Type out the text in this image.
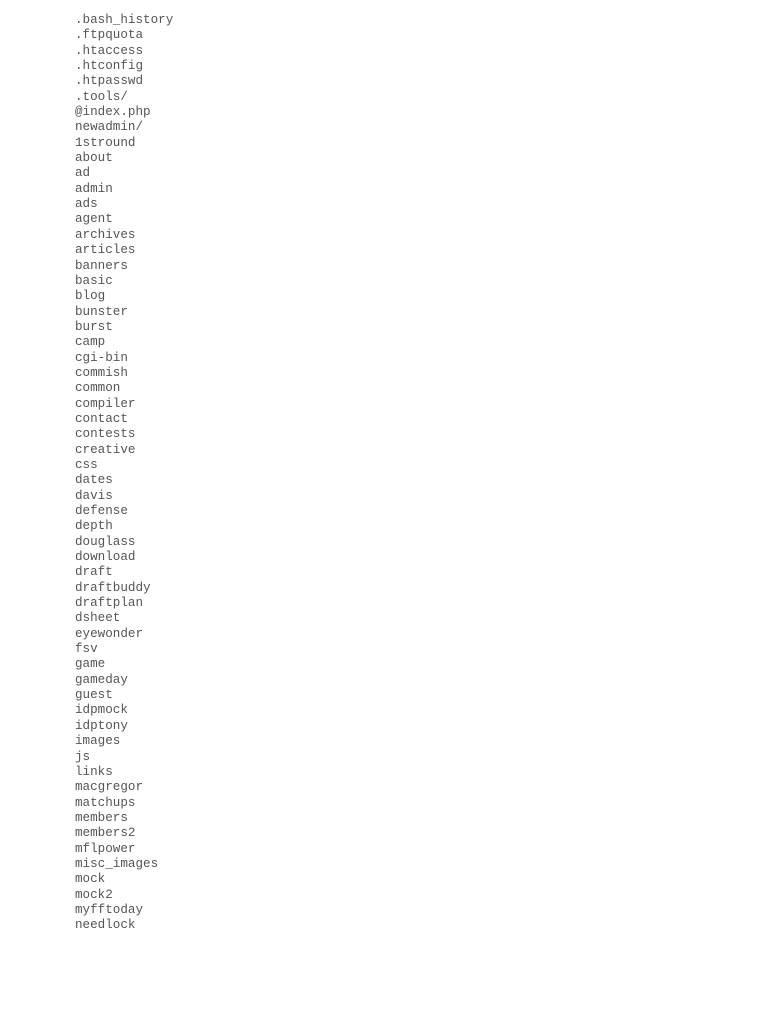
.bash_history
.ftpquota
.htaccess
.htconfig
.htpasswd
.tools/
@index.php
newadmin/
1stround
about
ad
admin
ads
agent
archives
articles
banners
basic
blog
bunster
burst
camp
cgi-bin
commish
common
compiler
contact
contests
creative
css
dates
davis
defense
depth
douglass
download
draft
draftbuddy
draftplan
dsheet
eyewonder
fsv
game
gameday
guest
idpmock
idptony
images
js
links
macgregor
matchups
members
members2
mflpower
misc_images
mock
mock2
myfftoday
needlock
